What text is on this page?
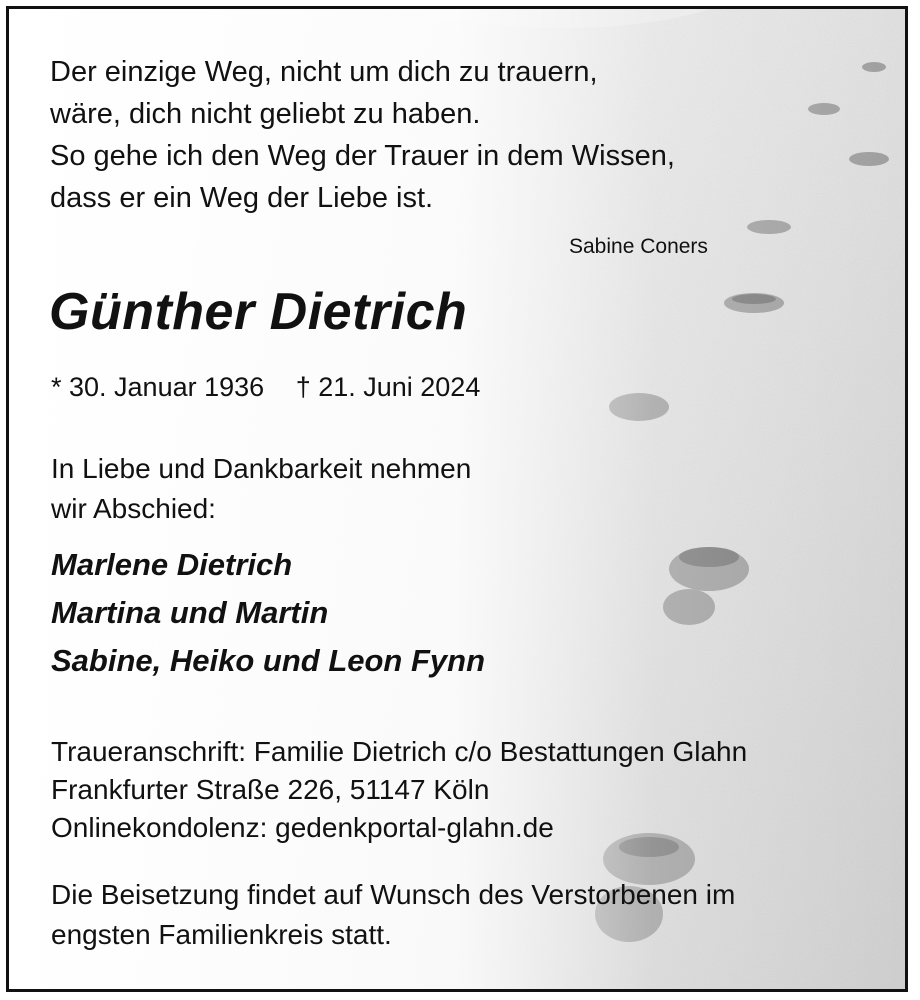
Der einzige Weg, nicht um dich zu trauern,
wäre, dich nicht geliebt zu haben.
So gehe ich den Weg der Trauer in dem Wissen,
dass er ein Weg der Liebe ist.
Sabine Coners
Günther Dietrich
* 30. Januar 1936 † 21. Juni 2024
In Liebe und Dankbarkeit nehmen
wir Abschied:
Marlene Dietrich
Martina und Martin
Sabine, Heiko und Leon Fynn
Traueranschrift: Familie Dietrich c/o Bestattungen Glahn
Frankfurter Straße 226, 51147 Köln
Onlinekondolenz: gedenkportal-glahn.de
Die Beisetzung findet auf Wunsch des Verstorbenen im
engsten Familienkreis statt.
